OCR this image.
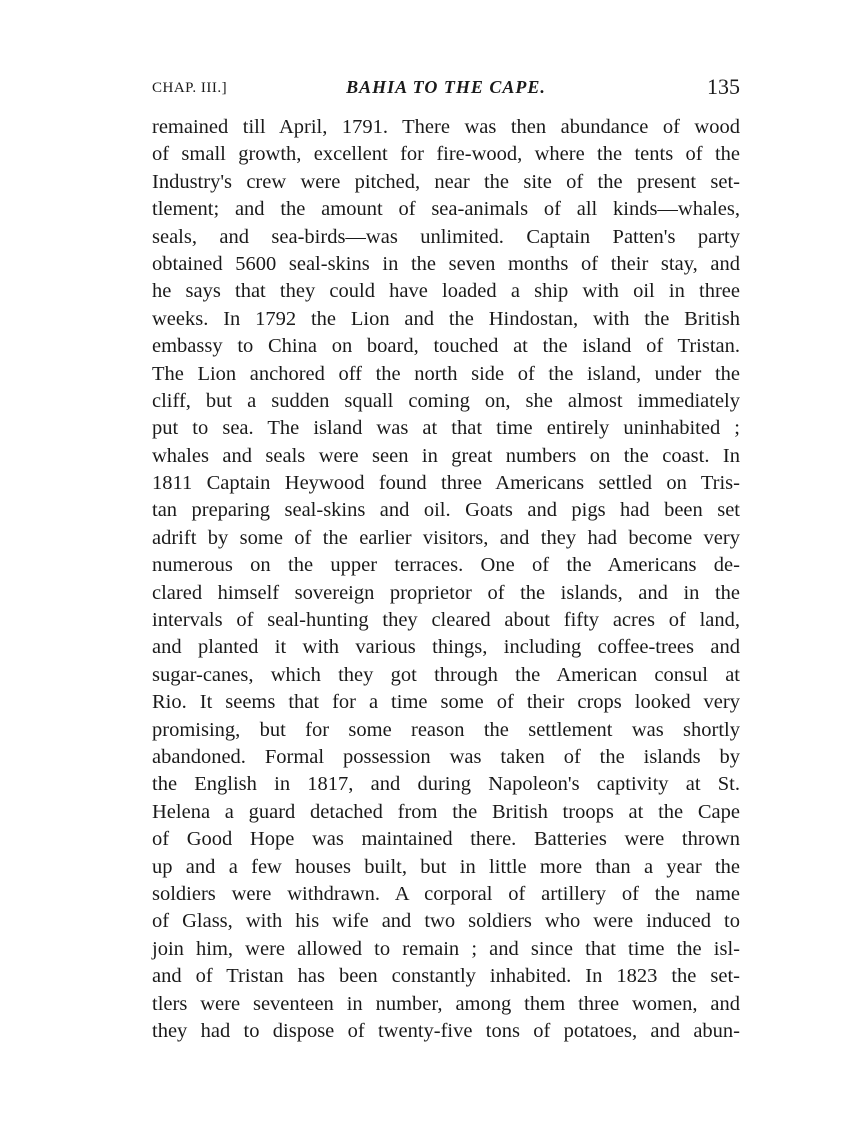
CHAP. III.]	BAHIA TO THE CAPE.	135
remained till April, 1791. There was then abundance of wood
of small growth, excellent for fire-wood, where the tents of the
Industry's crew were pitched, near the site of the present set-
tlement; and the amount of sea-animals of all kinds—whales,
seals, and sea-birds—was unlimited. Captain Patten's party
obtained 5600 seal-skins in the seven months of their stay, and
he says that they could have loaded a ship with oil in three
weeks. In 1792 the Lion and the Hindostan, with the British
embassy to China on board, touched at the island of Tristan.
The Lion anchored off the north side of the island, under the
cliff, but a sudden squall coming on, she almost immediately
put to sea. The island was at that time entirely uninhabited ;
whales and seals were seen in great numbers on the coast. In
1811 Captain Heywood found three Americans settled on Tris-
tan preparing seal-skins and oil. Goats and pigs had been set
adrift by some of the earlier visitors, and they had become very
numerous on the upper terraces. One of the Americans de-
clared himself sovereign proprietor of the islands, and in the
intervals of seal-hunting they cleared about fifty acres of land,
and planted it with various things, including coffee-trees and
sugar-canes, which they got through the American consul at
Rio. It seems that for a time some of their crops looked very
promising, but for some reason the settlement was shortly
abandoned. Formal possession was taken of the islands by
the English in 1817, and during Napoleon's captivity at St.
Helena a guard detached from the British troops at the Cape
of Good Hope was maintained there. Batteries were thrown
up and a few houses built, but in little more than a year the
soldiers were withdrawn. A corporal of artillery of the name
of Glass, with his wife and two soldiers who were induced to
join him, were allowed to remain ; and since that time the isl-
and of Tristan has been constantly inhabited. In 1823 the set-
tlers were seventeen in number, among them three women, and
they had to dispose of twenty-five tons of potatoes, and abun-
